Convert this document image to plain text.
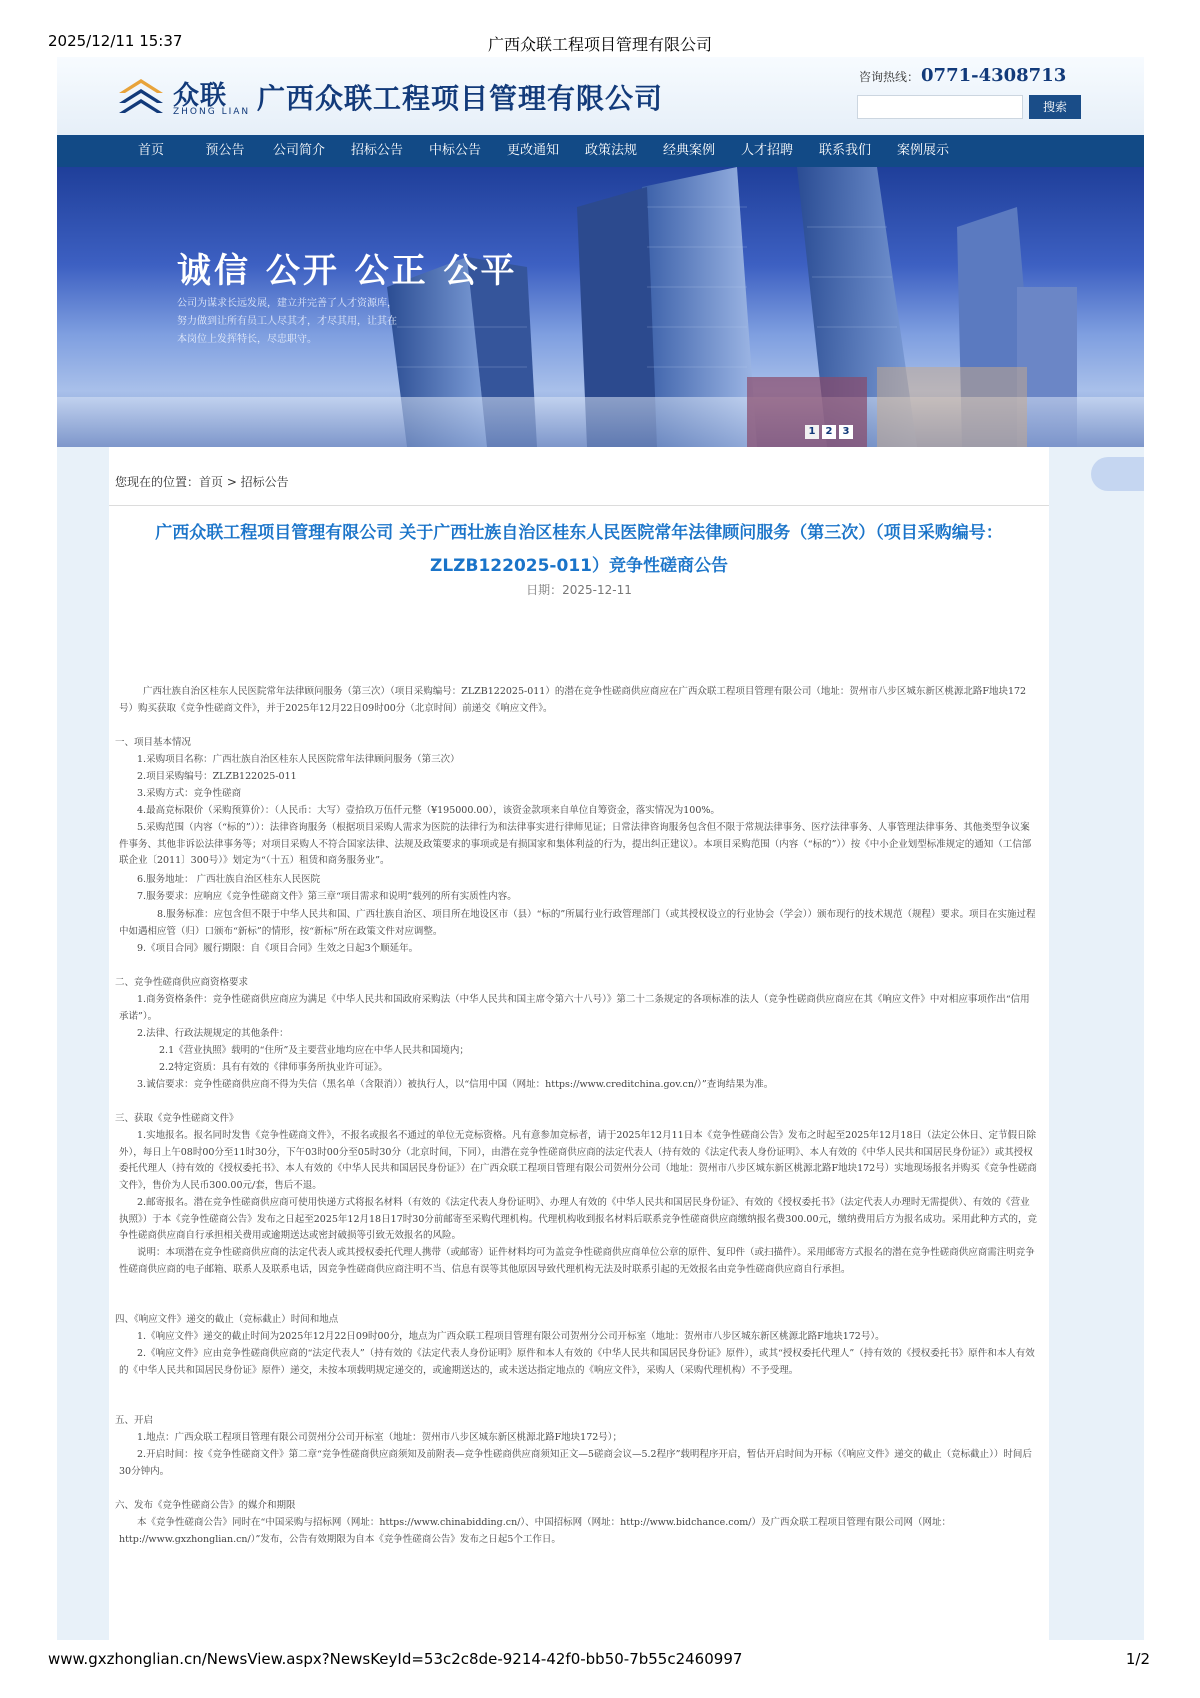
2025/12/11 15:37	广西众联工程项目管理有限公司
众联
ZHONG LIAN 广西众联工程项目管理有限公司
咨询热线： 0771-4308713
搜索
首页	预公告	公司简介	招标公告	中标公告	更改通知	政策法规	经典案例	人才招聘	联系我们	案例展示
诚信 公开 公正 公平
公司为谋求长远发展，建立并完善了人才资源库，努力做到让所有员工人尽其才，才尽其用，让其在本岗位上发挥特长，尽忠职守。
1 2 3
您现在的位置：首页 > 招标公告
广西众联工程项目管理有限公司 关于广西壮族自治区桂东人民医院常年法律顾问服务（第三次）（项目采购编号：ZLZB122025-011）竞争性磋商公告
日期：2025-12-11
广西壮族自治区桂东人民医院常年法律顾问服务（第三次）（项目采购编号：ZLZB122025-011）的潜在竞争性磋商供应商应在广西众联工程项目管理有限公司（地址：贺州市八步区城东新区桃源北路F地块172号）购买获取《竞争性磋商文件》，并于2025年12月22日09时00分（北京时间）前递交《响应文件》。
一、项目基本情况
1.采购项目名称：广西壮族自治区桂东人民医院常年法律顾问服务（第三次）
2.项目采购编号：ZLZB122025-011
3.采购方式：竞争性磋商
4.最高竞标限价（采购预算价）：（人民币：大写）壹拾玖万伍仟元整（¥195000.00），该资金款项来自单位自筹资金，落实情况为100%。
5.采购范围（内容（“标的”））：法律咨询服务（根据项目采购人需求为医院的法律行为和法律事实进行律师见证；日常法律咨询服务包含但不限于常规法律事务、医疗法律事务、人事管理法律事务、其他类型争议案件事务、其他非诉讼法律事务等；对项目采购人不符合国家法律、法规及政策要求的事项或是有损国家和集体利益的行为，提出纠正建议）。本项目采购范围（内容（“标的”））按《中小企业划型标准规定的通知（工信部联企业〔2011〕300号）》划定为“（十五）租赁和商务服务业”。
6.服务地址： 广西壮族自治区桂东人民医院
7.服务要求：应响应《竞争性磋商文件》第三章“项目需求和说明”载列的所有实质性内容。
8.服务标准：应包含但不限于中华人民共和国、广西壮族自治区、项目所在地设区市（县）“标的”所属行业行政管理部门（或其授权设立的行业协会（学会））颁布现行的技术规范（规程）要求。项目在实施过程中如遇相应管（归）口颁布“新标”的情形，按“新标”所在政策文件对应调整。
9.《项目合同》履行期限：自《项目合同》生效之日起3个顺延年。
二、竞争性磋商供应商资格要求
1.商务资格条件：竞争性磋商供应商应为满足《中华人民共和国政府采购法（中华人民共和国主席令第六十八号）》第二十二条规定的各项标准的法人（竞争性磋商供应商应在其《响应文件》中对相应事项作出“信用承诺”）。
2.法律、行政法规规定的其他条件：
2.1《营业执照》载明的“住所”及主要营业地均应在中华人民共和国境内；
2.2特定资质：具有有效的《律师事务所执业许可证》。
3.诚信要求：竞争性磋商供应商不得为失信（黑名单（含限消））被执行人，以“信用中国（网址：https://www.creditchina.gov.cn/）”查询结果为准。
三、获取《竞争性磋商文件》
1.实地报名。报名同时发售《竞争性磋商文件》，不报名或报名不通过的单位无竞标资格。凡有意参加竞标者，请于2025年12月11日本《竞争性磋商公告》发布之时起至2025年12月18日（法定公休日、定节假日除外），每日上午08时00分至11时30分，下午03时00分至05时30分（北京时间，下同），由潜在竞争性磋商供应商的法定代表人（持有效的《法定代表人身份证明》、本人有效的《中华人民共和国居民身份证》）或其授权委托代理人（持有效的《授权委托书》、本人有效的《中华人民共和国居民身份证》）在广西众联工程项目管理有限公司贺州分公司（地址：贺州市八步区城东新区桃源北路F地块172号）实地现场报名并购买《竞争性磋商文件》，售价为人民币300.00元/套，售后不退。
2.邮寄报名。潜在竞争性磋商供应商可使用快递方式将报名材料（有效的《法定代表人身份证明》、办理人有效的《中华人民共和国居民身份证》、有效的《授权委托书》（法定代表人办理时无需提供）、有效的《营业执照》）于本《竞争性磋商公告》发布之日起至2025年12月18日17时30分前邮寄至采购代理机构。代理机构收到报名材料后联系竞争性磋商供应商缴纳报名费300.00元，缴纳费用后方为报名成功。采用此种方式的，竞争性磋商供应商自行承担相关费用或逾期送达或密封破损等引致无效报名的风险。
说明：本项潜在竞争性磋商供应商的法定代表人或其授权委托代理人携带（或邮寄）证件材料均可为盖竞争性磋商供应商单位公章的原件、复印件（或扫描件）。采用邮寄方式报名的潜在竞争性磋商供应商需注明竞争性磋商供应商的电子邮箱、联系人及联系电话，因竞争性磋商供应商注明不当、信息有误等其他原因导致代理机构无法及时联系引起的无效报名由竞争性磋商供应商自行承担。
四、《响应文件》递交的截止（竞标截止）时间和地点
1.《响应文件》递交的截止时间为2025年12月22日09时00分，地点为广西众联工程项目管理有限公司贺州分公司开标室（地址：贺州市八步区城东新区桃源北路F地块172号）。
2.《响应文件》应由竞争性磋商供应商的“法定代表人”（持有效的《法定代表人身份证明》原件和本人有效的《中华人民共和国居民身份证》原件），或其“授权委托代理人”（持有效的《授权委托书》原件和本人有效的《中华人民共和国居民身份证》原件）递交，未按本项载明规定递交的，或逾期送达的，或未送达指定地点的《响应文件》，采购人（采购代理机构）不予受理。
五、开启
1.地点：广西众联工程项目管理有限公司贺州分公司开标室（地址：贺州市八步区城东新区桃源北路F地块172号）；
2.开启时间：按《竞争性磋商文件》第二章“竞争性磋商供应商须知及前附表—竞争性磋商供应商须知正文—5磋商会议—5.2程序”载明程序开启，暂估开启时间为开标（《响应文件》递交的截止（竞标截止））时间后30分钟内。
六、发布《竞争性磋商公告》的媒介和期限
本《竞争性磋商公告》同时在“中国采购与招标网（网址：https://www.chinabidding.cn/）、中国招标网（网址：http://www.bidchance.com/）及广西众联工程项目管理有限公司网（网址：http://www.gxzhonglian.cn/）”发布，公告有效期限为自本《竞争性磋商公告》发布之日起5个工作日。
www.gxzhonglian.cn/NewsView.aspx?NewsKeyId=53c2c8de-9214-42f0-bb50-7b55c2460997	1/2
